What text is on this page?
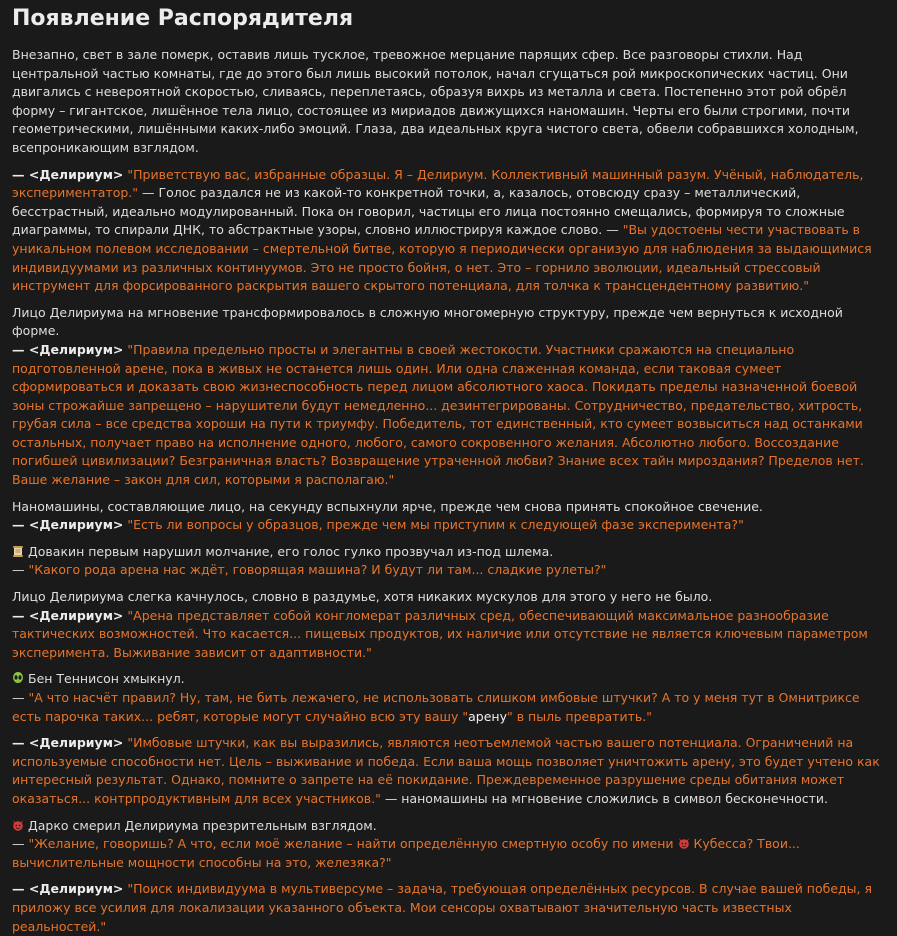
Появление Распорядителя

Внезапно, свет в зале померк, оставив лишь тусклое, тревожное мерцание парящих сфер. Все разговоры стихли. Над центральной частью комнаты, где до этого был лишь высокий потолок, начал сгущаться рой микроскопических частиц. Они двигались с невероятной скоростью, сливаясь, переплетаясь, образуя вихрь из металла и света. Постепенно этот рой обрёл форму – гигантское, лишённое тела лицо, состоящее из мириадов движущихся наномашин. Черты его были строгими, почти геометрическими, лишёнными каких-либо эмоций. Глаза, два идеальных круга чистого света, обвели собравшихся холодным, всепроникающим взглядом.

— <Делириум> "Приветствую вас, избранные образцы. Я – Делириум. Коллективный машинный разум. Учёный, наблюдатель, экспериментатор." — Голос раздался не из какой-то конкретной точки, а, казалось, отовсюду сразу – металлический, бесстрастный, идеально модулированный. Пока он говорил, частицы его лица постоянно смещались, формируя то сложные диаграммы, то спирали ДНК, то абстрактные узоры, словно иллюстрируя каждое слово. — "Вы удостоены чести участвовать в уникальном полевом исследовании – смертельной битве, которую я периодически организую для наблюдения за выдающимися индивидуумами из различных континуумов. Это не просто бойня, о нет. Это – горнило эволюции, идеальный стрессовый инструмент для форсированного раскрытия вашего скрытого потенциала, для толчка к трансцендентному развитию."

Лицо Делириума на мгновение трансформировалось в сложную многомерную структуру, прежде чем вернуться к исходной форме.
— <Делириум> "Правила предельно просты и элегантны в своей жестокости. Участники сражаются на специально подготовленной арене, пока в живых не останется лишь один. Или одна слаженная команда, если таковая сумеет сформироваться и доказать свою жизнеспособность перед лицом абсолютного хаоса. Покидать пределы назначенной боевой зоны строжайше запрещено – нарушители будут немедленно... дезинтегрированы. Сотрудничество, предательство, хитрость, грубая сила – все средства хороши на пути к триумфу. Победитель, тот единственный, кто сумеет возвыситься над останками остальных, получает право на исполнение одного, любого, самого сокровенного желания. Абсолютно любого. Воссоздание погибшей цивилизации? Безграничная власть? Возвращение утраченной любви? Знание всех тайн мироздания? Пределов нет. Ваше желание – закон для сил, которыми я располагаю."

Наномашины, составляющие лицо, на секунду вспыхнули ярче, прежде чем снова принять спокойное свечение.
— <Делириум> "Есть ли вопросы у образцов, прежде чем мы приступим к следующей фазе эксперимента?"

Довакин первым нарушил молчание, его голос гулко прозвучал из-под шлема.
— "Какого рода арена нас ждёт, говорящая машина? И будут ли там... сладкие рулеты?"

Лицо Делириума слегка качнулось, словно в раздумье, хотя никаких мускулов для этого у него не было.
— <Делириум> "Арена представляет собой конгломерат различных сред, обеспечивающий максимальное разнообразие тактических возможностей. Что касается... пищевых продуктов, их наличие или отсутствие не является ключевым параметром эксперимента. Выживание зависит от адаптивности."

Бен Теннисон хмыкнул.
— "А что насчёт правил? Ну, там, не бить лежачего, не использовать слишком имбовые штучки? А то у меня тут в Омнитриксе есть парочка таких... ребят, которые могут случайно всю эту вашу "арену" в пыль превратить."

— <Делириум> "Имбовые штучки, как вы выразились, являются неотъемлемой частью вашего потенциала. Ограничений на используемые способности нет. Цель – выживание и победа. Если ваша мощь позволяет уничтожить арену, это будет учтено как интересный результат. Однако, помните о запрете на её покидание. Преждевременное разрушение среды обитания может оказаться... контрпродуктивным для всех участников." — наномашины на мгновение сложились в символ бесконечности.

Дарко смерил Делириума презрительным взглядом.
— "Желание, говоришь? А что, если моё желание – найти определённую смертную особу по имени
Кубесса? Твои... вычислительные мощности способны на это, железяка?"

— <Делириум> "Поиск индивидуума в мультиверсуме – задача, требующая определённых ресурсов. В случае вашей победы, я приложу все усилия для локализации указанного объекта. Мои сенсоры охватывают значительную часть известных реальностей."
